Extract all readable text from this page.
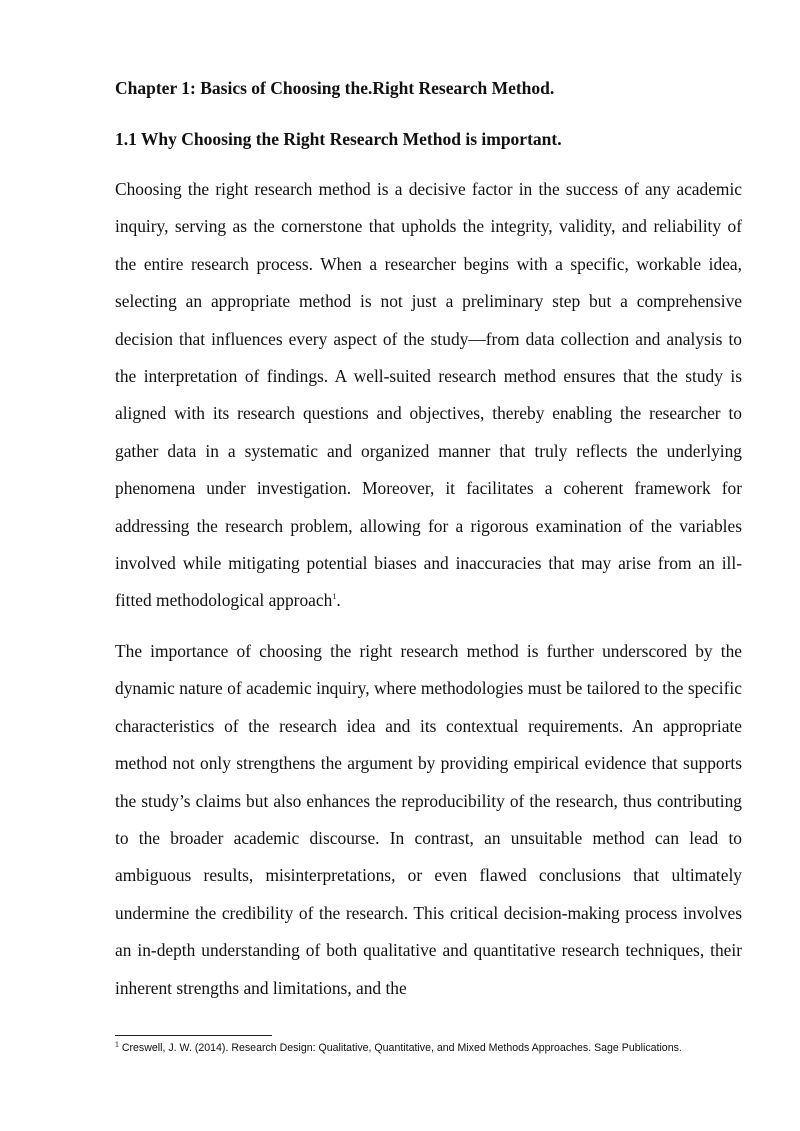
Chapter 1: Basics of Choosing the.Right Research Method.
1.1 Why Choosing the Right Research Method is important.

Choosing the right research method is a decisive factor in the success of any academic inquiry, serving as the cornerstone that upholds the integrity, validity, and reliability of the entire research process. When a researcher begins with a specific, workable idea, selecting an appropriate method is not just a preliminary step but a comprehensive decision that influences every aspect of the study—from data collection and analysis to the interpretation of findings. A well-suited research method ensures that the study is aligned with its research questions and objectives, thereby enabling the researcher to gather data in a systematic and organized manner that truly reflects the underlying phenomena under investigation. Moreover, it facilitates a coherent framework for addressing the research problem, allowing for a rigorous examination of the variables involved while mitigating potential biases and inaccuracies that may arise from an ill-fitted methodological approach$^1$.

The importance of choosing the right research method is further underscored by the dynamic nature of academic inquiry, where methodologies must be tailored to the specific characteristics of the research idea and its contextual requirements. An appropriate method not only strengthens the argument by providing empirical evidence that supports the study’s claims but also enhances the reproducibility of the research, thus contributing to the broader academic discourse. In contrast, an unsuitable method can lead to ambiguous results, misinterpretations, or even flawed conclusions that ultimately undermine the credibility of the research. This critical decision-making process involves an in-depth understanding of both qualitative and quantitative research techniques, their inherent strengths and limitations, and the

$^1$ Creswell, J. W. (2014). Research Design: Qualitative, Quantitative, and Mixed Methods Approaches. Sage Publications.
